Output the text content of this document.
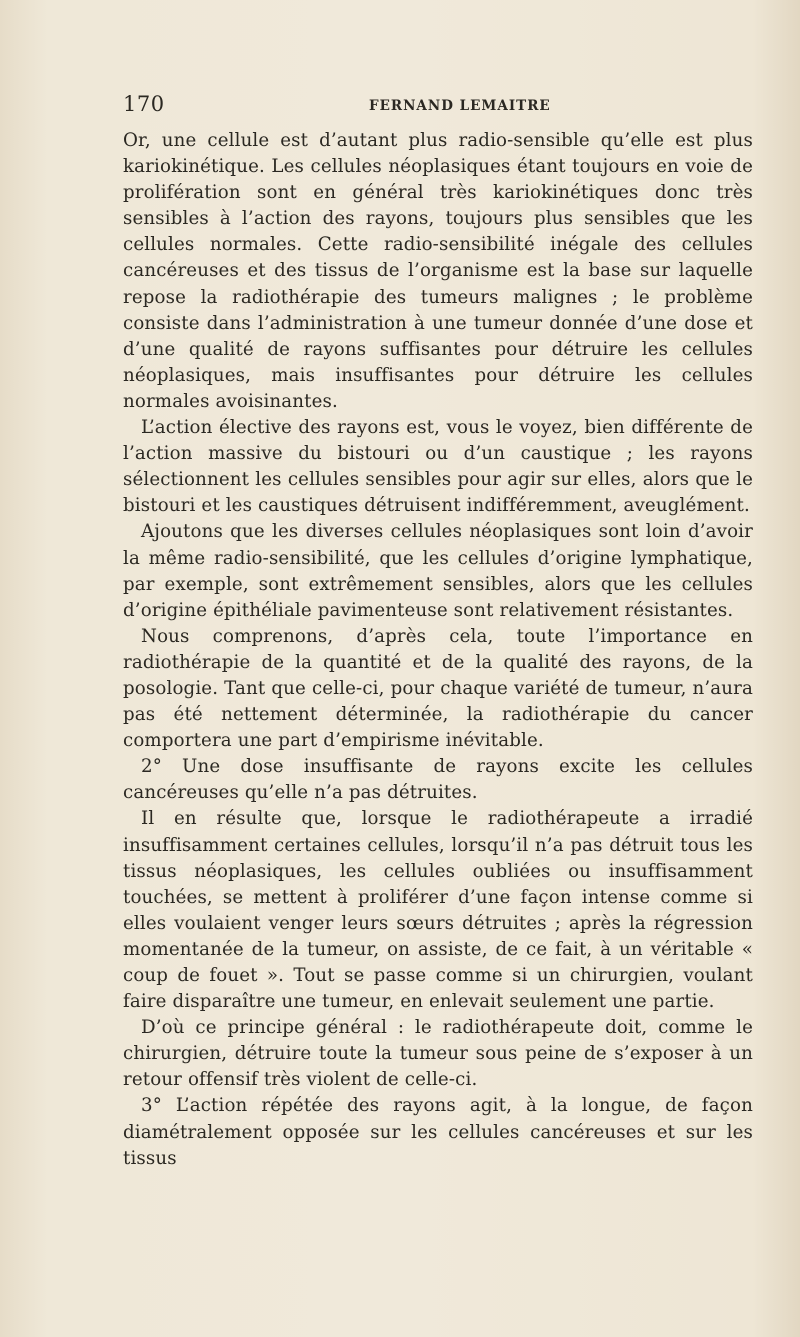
170	FERNAND LEMAITRE

Or, une cellule est d’autant plus radio-sensible qu’elle est plus kariokinétique. Les cellules néoplasiques étant toujours en voie de prolifération sont en général très kariokinétiques donc très sensibles à l’action des rayons, toujours plus sensibles que les cellules normales. Cette radio-sensibilité inégale des cellules cancéreuses et des tissus de l’organisme est la base sur laquelle repose la radiothérapie des tumeurs malignes ; le problème consiste dans l’administration à une tumeur donnée d’une dose et d’une qualité de rayons suffisantes pour détruire les cellules néoplasiques, mais insuffisantes pour détruire les cellules normales avoisinantes.

L’action élective des rayons est, vous le voyez, bien différente de l’action massive du bistouri ou d’un caustique ; les rayons sélectionnent les cellules sensibles pour agir sur elles, alors que le bistouri et les caustiques détruisent indifféremment, aveuglément.

Ajoutons que les diverses cellules néoplasiques sont loin d’avoir la même radio-sensibilité, que les cellules d’origine lymphatique, par exemple, sont extrêmement sensibles, alors que les cellules d’origine épithéliale pavimenteuse sont relativement résistantes.

Nous comprenons, d’après cela, toute l’importance en radiothérapie de la quantité et de la qualité des rayons, de la posologie. Tant que celle-ci, pour chaque variété de tumeur, n’aura pas été nettement déterminée, la radiothérapie du cancer comportera une part d’empirisme inévitable.

2° Une dose insuffisante de rayons excite les cellules cancéreuses qu’elle n’a pas détruites.

Il en résulte que, lorsque le radiothérapeute a irradié insuffisamment certaines cellules, lorsqu’il n’a pas détruit tous les tissus néoplasiques, les cellules oubliées ou insuffisamment touchées, se mettent à proliférer d’une façon intense comme si elles voulaient venger leurs sœurs détruites ; après la régression momentanée de la tumeur, on assiste, de ce fait, à un véritable « coup de fouet ». Tout se passe comme si un chirurgien, voulant faire disparaître une tumeur, en enlevait seulement une partie.

D’où ce principe général : le radiothérapeute doit, comme le chirurgien, détruire toute la tumeur sous peine de s’exposer à un retour offensif très violent de celle-ci.

3° L’action répétée des rayons agit, à la longue, de façon diamétralement opposée sur les cellules cancéreuses et sur les tissus
